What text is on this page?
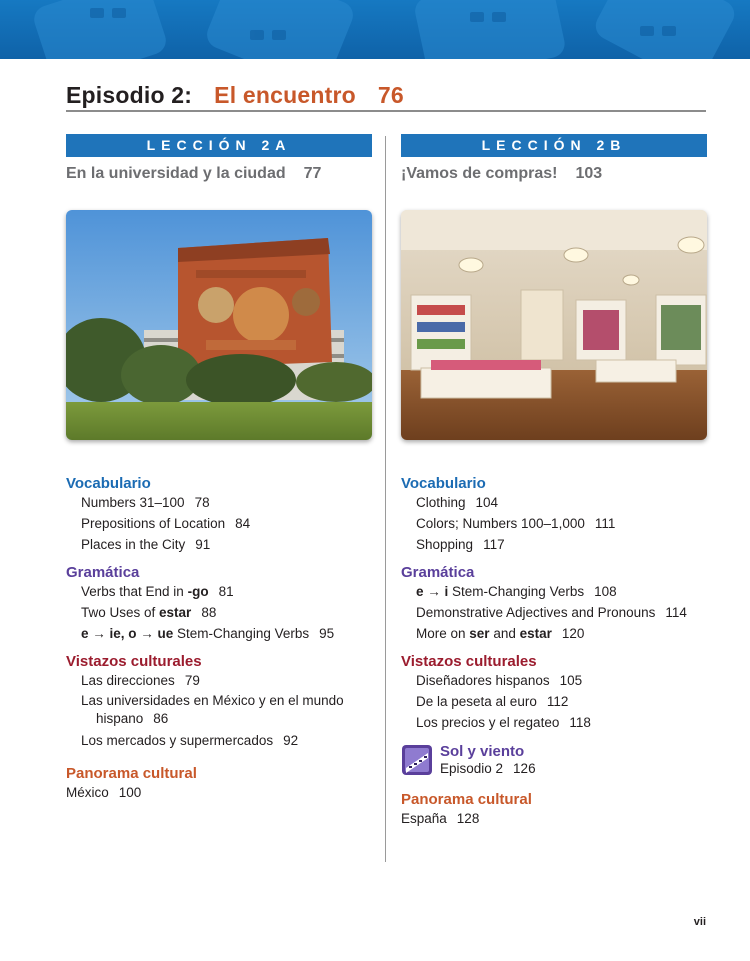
Episodio 2: El encuentro 76
LECCIÓN 2A
En la universidad y la ciudad 77
Vocabulario
Numbers 31–100 78
Prepositions of Location 84
Places in the City 91
Gramática
Verbs that End in -go 81
Two Uses of estar 88
e → ie, o → ue Stem-Changing Verbs 95
Vistazos culturales
Las direcciones 79
Las universidades en México y en el mundo hispano 86
Los mercados y supermercados 92
Panorama cultural
México 100
LECCIÓN 2B
¡Vamos de compras! 103
Vocabulario
Clothing 104
Colors; Numbers 100–1,000 111
Shopping 117
Gramática
e → i Stem-Changing Verbs 108
Demonstrative Adjectives and Pronouns 114
More on ser and estar 120
Vistazos culturales
Diseñadores hispanos 105
De la peseta al euro 112
Los precios y el regateo 118
Sol y viento
Episodio 2 126
Panorama cultural
España 128
vii
